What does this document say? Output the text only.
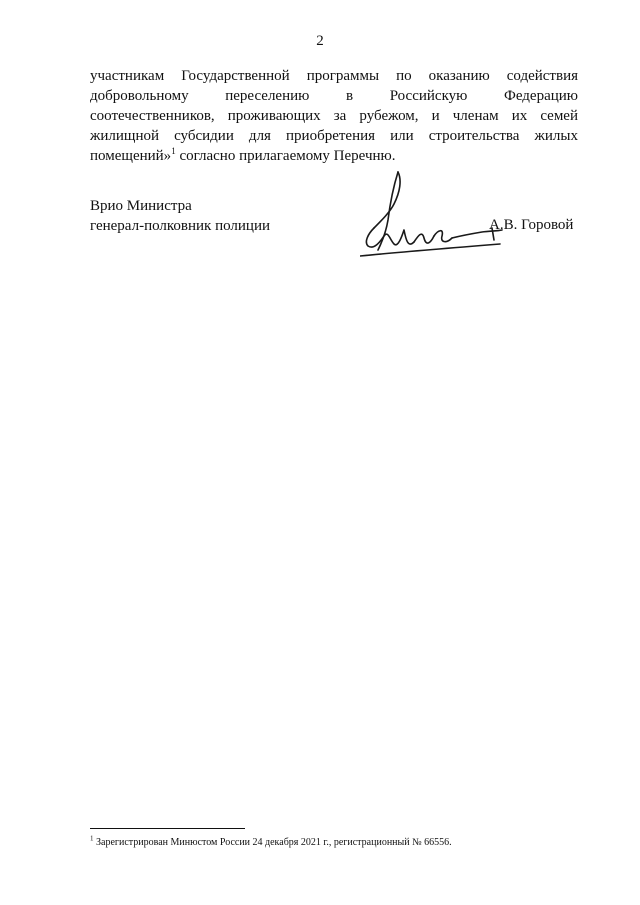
2
участникам Государственной программы по оказанию содействия
добровольному переселению в Российскую Федерацию
соотечественников, проживающих за рубежом, и членам их семей
жилищной субсидии для приобретения или строительства жилых
помещений»$^1$ согласно прилагаемому Перечню.
Врио Министра
генерал-полковник полиции	А.В. Горовой
$^1$ Зарегистрирован Минюстом России 24 декабря 2021 г., регистрационный № 66556.
